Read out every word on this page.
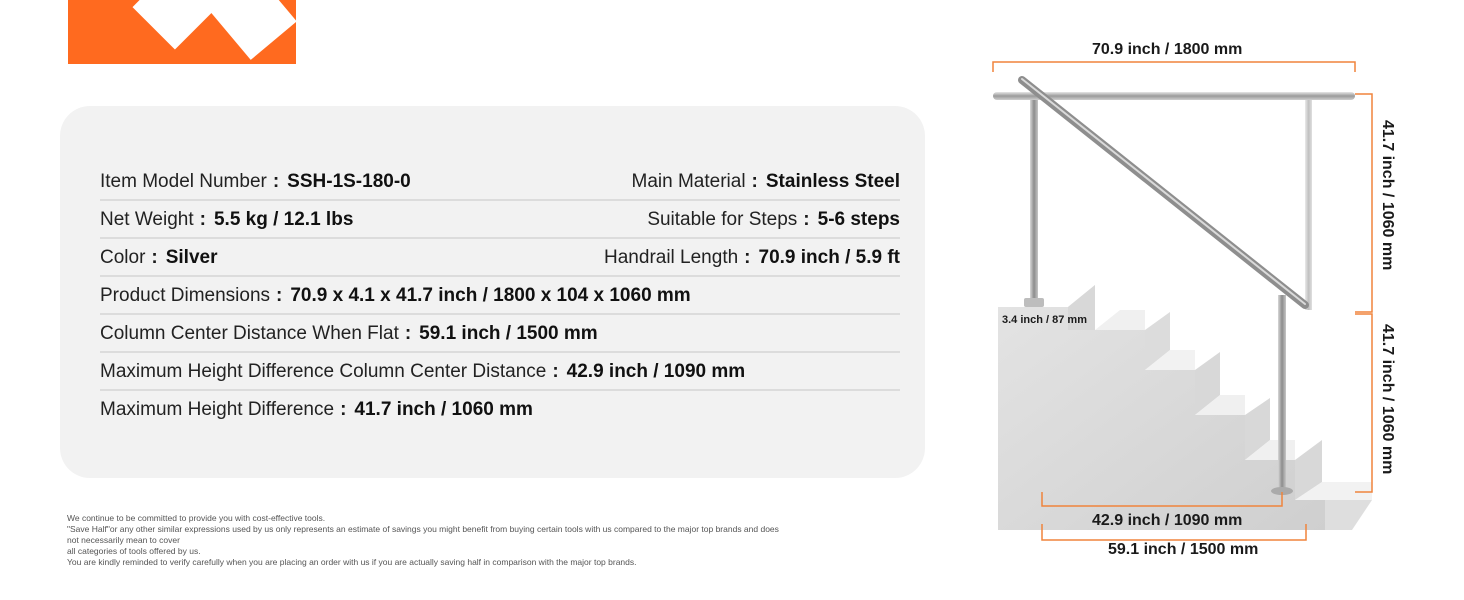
Item Model Number : SSH-1S-180-0	Main Material : Stainless Steel
Net Weight : 5.5 kg / 12.1 lbs	Suitable for Steps : 5-6 steps
Color : Silver	Handrail Length : 70.9 inch / 5.9 ft
Product Dimensions : 70.9 x 4.1 x 41.7 inch / 1800 x 104 x 1060 mm
Column Center Distance When Flat : 59.1 inch / 1500 mm
Maximum Height Difference Column Center Distance : 42.9 inch / 1090 mm
Maximum Height Difference : 41.7 inch / 1060 mm
We continue to be committed to provide you with cost-effective tools.
"Save Half"or any other similar expressions used by us only represents an estimate of savings you might benefit from buying certain tools with us compared to the major top brands and does
not necessarily mean to cover
all categories of tools offered by us.
You are kindly reminded to verify carefully when you are placing an order with us if you are actually saving half in comparison with the major top brands.
70.9 inch / 1800 mm
41.7 inch / 1060 mm
41.7 inch / 1060 mm
3.4 inch / 87 mm
42.9 inch / 1090 mm
59.1 inch / 1500 mm
